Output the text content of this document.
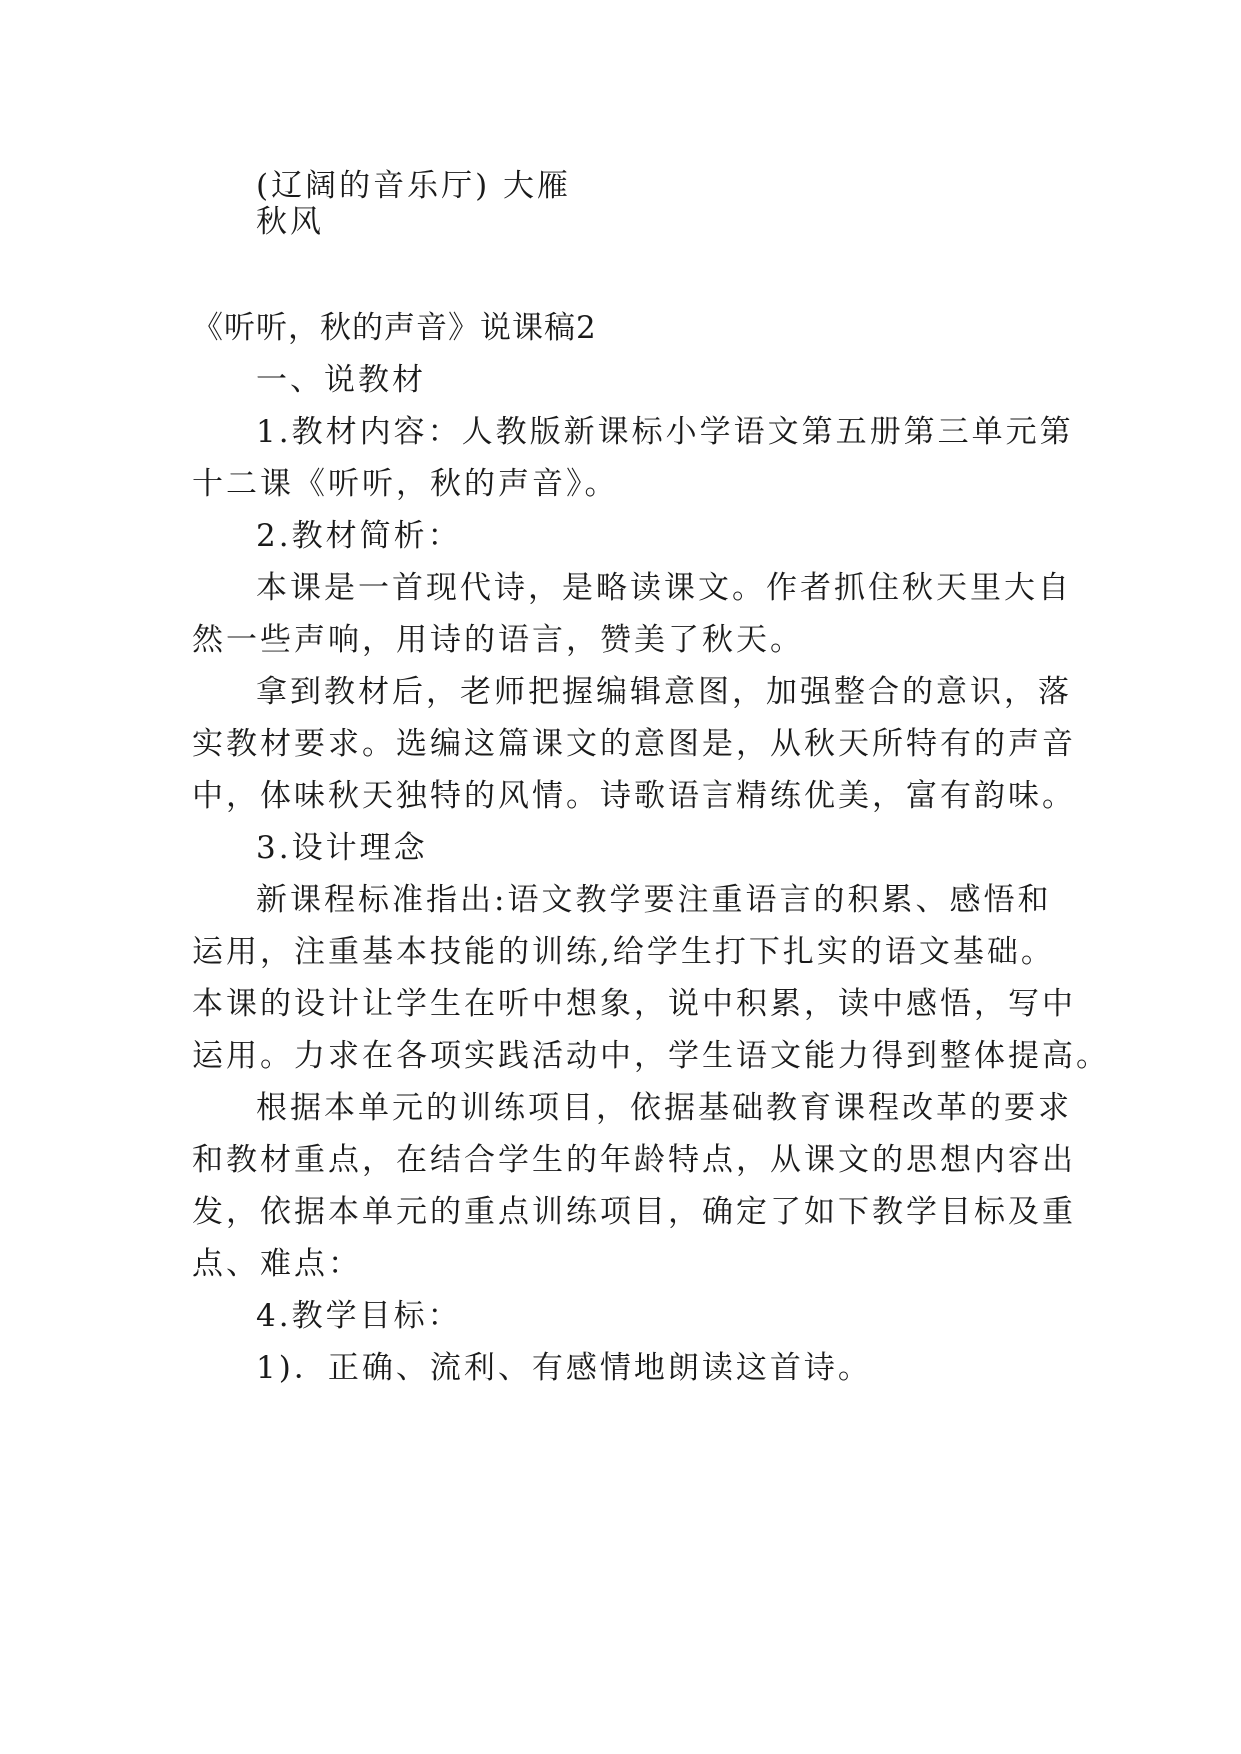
(辽阔的音乐厅) 大雁
秋风
《听听，秋的声音》说课稿2
一、说教材
1.教材内容：人教版新课标小学语文第五册第三单元第
十二课《听听，秋的声音》。
2.教材简析：
本课是一首现代诗，是略读课文。作者抓住秋天里大自
然一些声响，用诗的语言，赞美了秋天。
拿到教材后，老师把握编辑意图，加强整合的意识，落
实教材要求。选编这篇课文的意图是，从秋天所特有的声音
中，体味秋天独特的风情。诗歌语言精练优美，富有韵味。
3.设计理念
新课程标准指出:语文教学要注重语言的积累、感悟和
运用，注重基本技能的训练,给学生打下扎实的语文基础。
本课的设计让学生在听中想象，说中积累，读中感悟，写中
运用。力求在各项实践活动中，学生语文能力得到整体提高。
根据本单元的训练项目，依据基础教育课程改革的要求
和教材重点，在结合学生的年龄特点，从课文的思想内容出
发，依据本单元的重点训练项目，确定了如下教学目标及重
点、难点：
4.教学目标：
1)．正确、流利、有感情地朗读这首诗。
